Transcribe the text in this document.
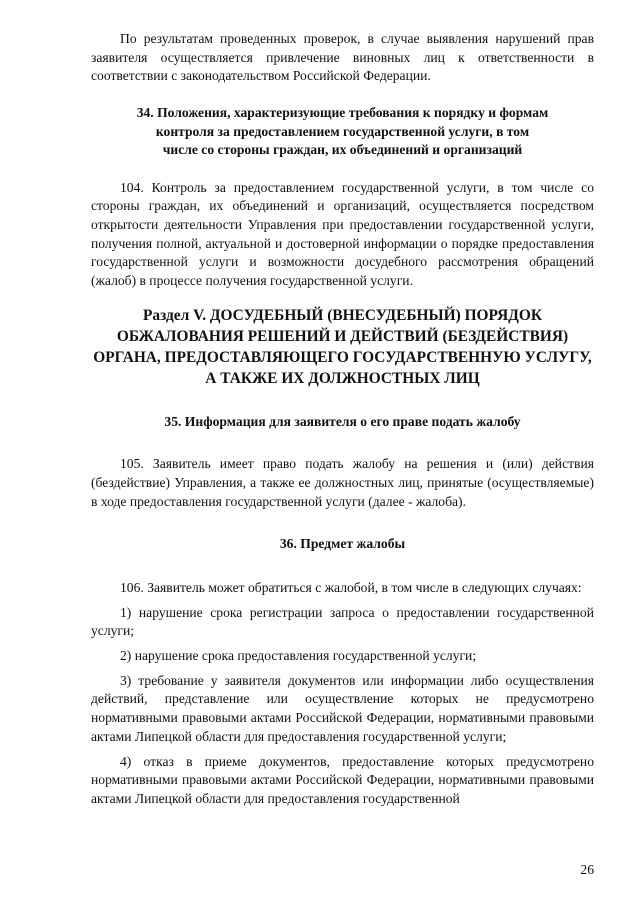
По результатам проведенных проверок, в случае выявления нарушений прав заявителя осуществляется привлечение виновных лиц к ответственности в соответствии с законодательством Российской Федерации.

34. Положения, характеризующие требования к порядку и формам
контроля за предоставлением государственной услуги, в том
числе со стороны граждан, их объединений и организаций

104. Контроль за предоставлением государственной услуги, в том числе со стороны граждан, их объединений и организаций, осуществляется посредством открытости деятельности Управления при предоставлении государственной услуги, получения полной, актуальной и достоверной информации о порядке предоставления государственной услуги и возможности досудебного рассмотрения обращений (жалоб) в процессе получения государственной услуги.

Раздел V. ДОСУДЕБНЫЙ (ВНЕСУДЕБНЫЙ) ПОРЯДОК
ОБЖАЛОВАНИЯ РЕШЕНИЙ И ДЕЙСТВИЙ (БЕЗДЕЙСТВИЯ)
ОРГАНА, ПРЕДОСТАВЛЯЮЩЕГО ГОСУДАРСТВЕННУЮ УСЛУГУ,
А ТАКЖЕ ИХ ДОЛЖНОСТНЫХ ЛИЦ
35. Информация для заявителя о его праве подать жалобу

105. Заявитель имеет право подать жалобу на решения и (или) действия (бездействие) Управления, а также ее должностных лиц, принятые (осуществляемые) в ходе предоставления государственной услуги (далее - жалоба).

36. Предмет жалобы

106. Заявитель может обратиться с жалобой, в том числе в следующих случаях:

1) нарушение срока регистрации запроса о предоставлении государственной услуги;

2) нарушение срока предоставления государственной услуги;

3) требование у заявителя документов или информации либо осуществления действий, представление или осуществление которых не предусмотрено нормативными правовыми актами Российской Федерации, нормативными правовыми актами Липецкой области для предоставления государственной услуги;

4) отказ в приеме документов, предоставление которых предусмотрено нормативными правовыми актами Российской Федерации, нормативными правовыми актами Липецкой области для предоставления государственной

26
